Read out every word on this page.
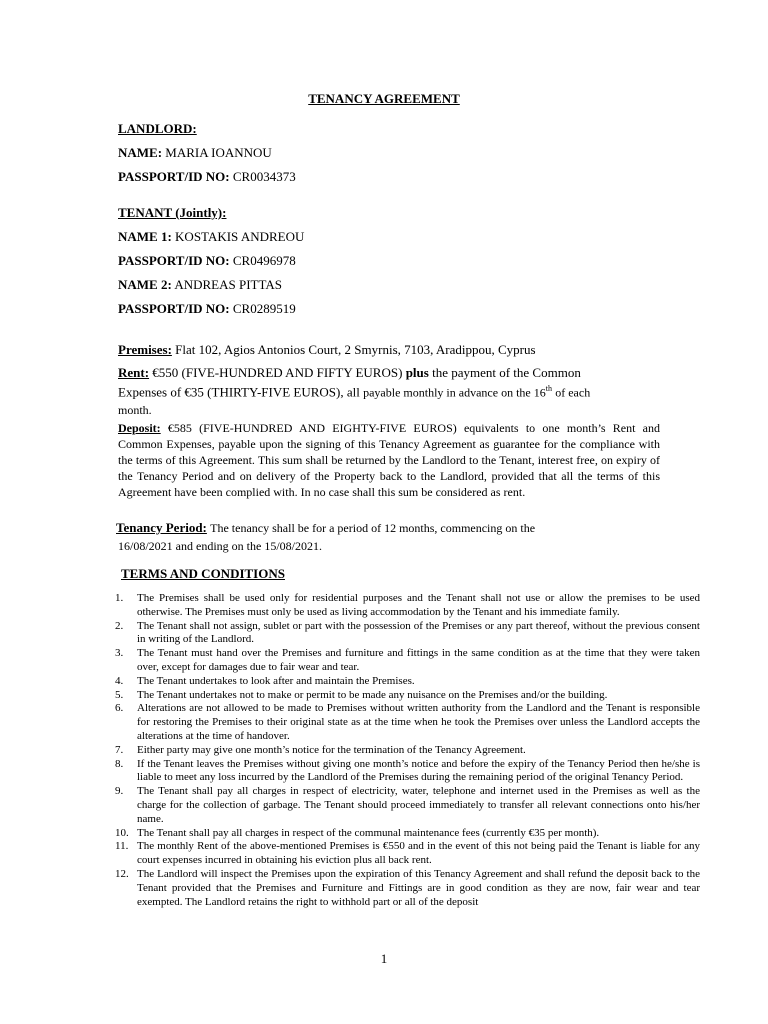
TENANCY AGREEMENT
LANDLORD:
NAME: MARIA IOANNOU
PASSPORT/ID NO: CR0034373
TENANT (Jointly):
NAME 1: KOSTAKIS ANDREOU
PASSPORT/ID NO: CR0496978
NAME 2: ANDREAS PITTAS
PASSPORT/ID NO: CR0289519
Premises: Flat 102, Agios Antonios Court, 2 Smyrnis, 7103, Aradippou, Cyprus
Rent: €550 (FIVE-HUNDRED AND FIFTY EUROS) plus the payment of the Common
Expenses of €35 (THIRTY-FIVE EUROS), all payable monthly in advance on the 16th of each
month.
Deposit: €585 (FIVE-HUNDRED AND EIGHTY-FIVE EUROS) equivalents to one month’s Rent and Common Expenses, payable upon the signing of this Tenancy Agreement as guarantee for the compliance with the terms of this Agreement. This sum shall be returned by the Landlord to the Tenant, interest free, on expiry of the Tenancy Period and on delivery of the Property back to the Landlord, provided that all the terms of this Agreement have been complied with. In no case shall this sum be considered as rent.
Tenancy Period: The tenancy shall be for a period of 12 months, commencing on the
16/08/2021 and ending on the 15/08/2021.
TERMS AND CONDITIONS
1.	The Premises shall be used only for residential purposes and the Tenant shall not use or allow the premises to be used otherwise. The Premises must only be used as living accommodation by the Tenant and his immediate family.
2.	The Tenant shall not assign, sublet or part with the possession of the Premises or any part thereof, without the previous consent in writing of the Landlord.
3.	The Tenant must hand over the Premises and furniture and fittings in the same condition as at the time that they were taken over, except for damages due to fair wear and tear.
4.	The Tenant undertakes to look after and maintain the Premises.
5.	The Tenant undertakes not to make or permit to be made any nuisance on the Premises and/or the building.
6.	Alterations are not allowed to be made to Premises without written authority from the Landlord and the Tenant is responsible for restoring the Premises to their original state as at the time when he took the Premises over unless the Landlord accepts the alterations at the time of handover.
7.	Either party may give one month’s notice for the termination of the Tenancy Agreement.
8.	If the Tenant leaves the Premises without giving one month’s notice and before the expiry of the Tenancy Period then he/she is liable to meet any loss incurred by the Landlord of the Premises during the remaining period of the original Tenancy Period.
9.	The Tenant shall pay all charges in respect of electricity, water, telephone and internet used in the Premises as well as the charge for the collection of garbage. The Tenant should proceed immediately to transfer all relevant connections onto his/her name.
10. The Tenant shall pay all charges in respect of the communal maintenance fees (currently €35 per month).
11. The monthly Rent of the above-mentioned Premises is €550 and in the event of this not being paid the Tenant is liable for any court expenses incurred in obtaining his eviction plus all back rent.
12. The Landlord will inspect the Premises upon the expiration of this Tenancy Agreement and shall refund the deposit back to the Tenant provided that the Premises and Furniture and Fittings are in good condition as they are now, fair wear and tear exempted. The Landlord retains the right to withhold part or all of the deposit
1
